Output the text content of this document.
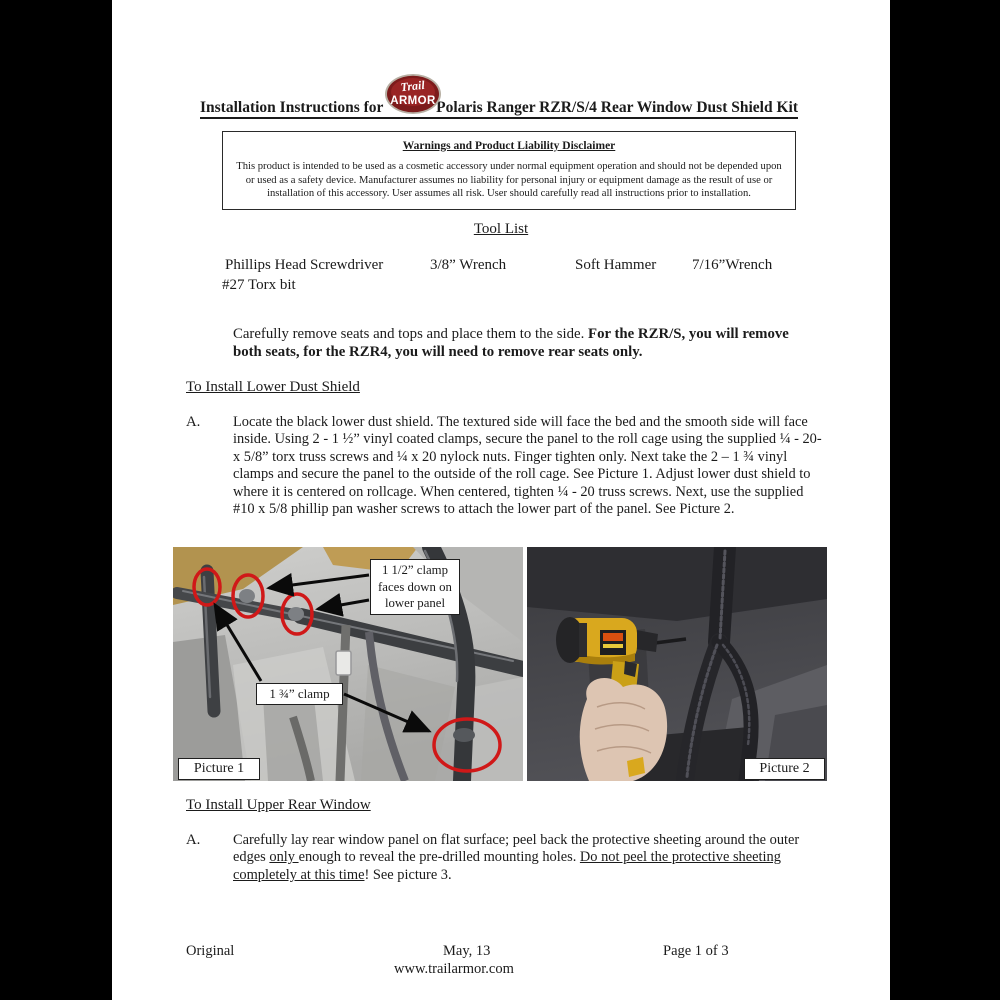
Trail
ARMOR
Installation Instructions for	Polaris Ranger RZR/S/4 Rear Window Dust Shield Kit
Warnings and Product Liability Disclaimer
This product is intended to be used as a cosmetic accessory under normal equipment operation and should not be depended upon or used as a safety device. Manufacturer assumes no liability for personal injury or equipment damage as the result of use or installation of this accessory. User assumes all risk. User should carefully read all instructions prior to installation.
Tool List
Phillips Head Screwdriver	3/8” Wrench	Soft Hammer 7/16”Wrench
#27 Torx bit
Carefully remove seats and tops and place them to the side. For the RZR/S, you will remove both seats, for the RZR4, you will need to remove rear seats only.
To Install Lower Dust Shield
A. Locate the black lower dust shield. The textured side will face the bed and the smooth side will face inside. Using 2 - 1 ½” vinyl coated clamps, secure the panel to the roll cage using the supplied ¼ - 20- x 5/8” torx truss screws and ¼ x 20 nylock nuts. Finger tighten only. Next take the 2 – 1 ¾ vinyl clamps and secure the panel to the outside of the roll cage. See Picture 1. Adjust lower dust shield to where it is centered on rollcage. When centered, tighten ¼ - 20 truss screws. Next, use the supplied #10 x 5/8 phillip pan washer screws to attach the lower part of the panel. See Picture 2.
1 1/2” clamp faces down on lower panel
1 ¾” clamp
Picture 1	Picture 2
To Install Upper Rear Window
A. Carefully lay rear window panel on flat surface; peel back the protective sheeting around the outer edges only enough to reveal the pre-drilled mounting holes. Do not peel the protective sheeting completely at this time! See picture 3.
Original	May, 13	Page 1 of 3
www.trailarmor.com
